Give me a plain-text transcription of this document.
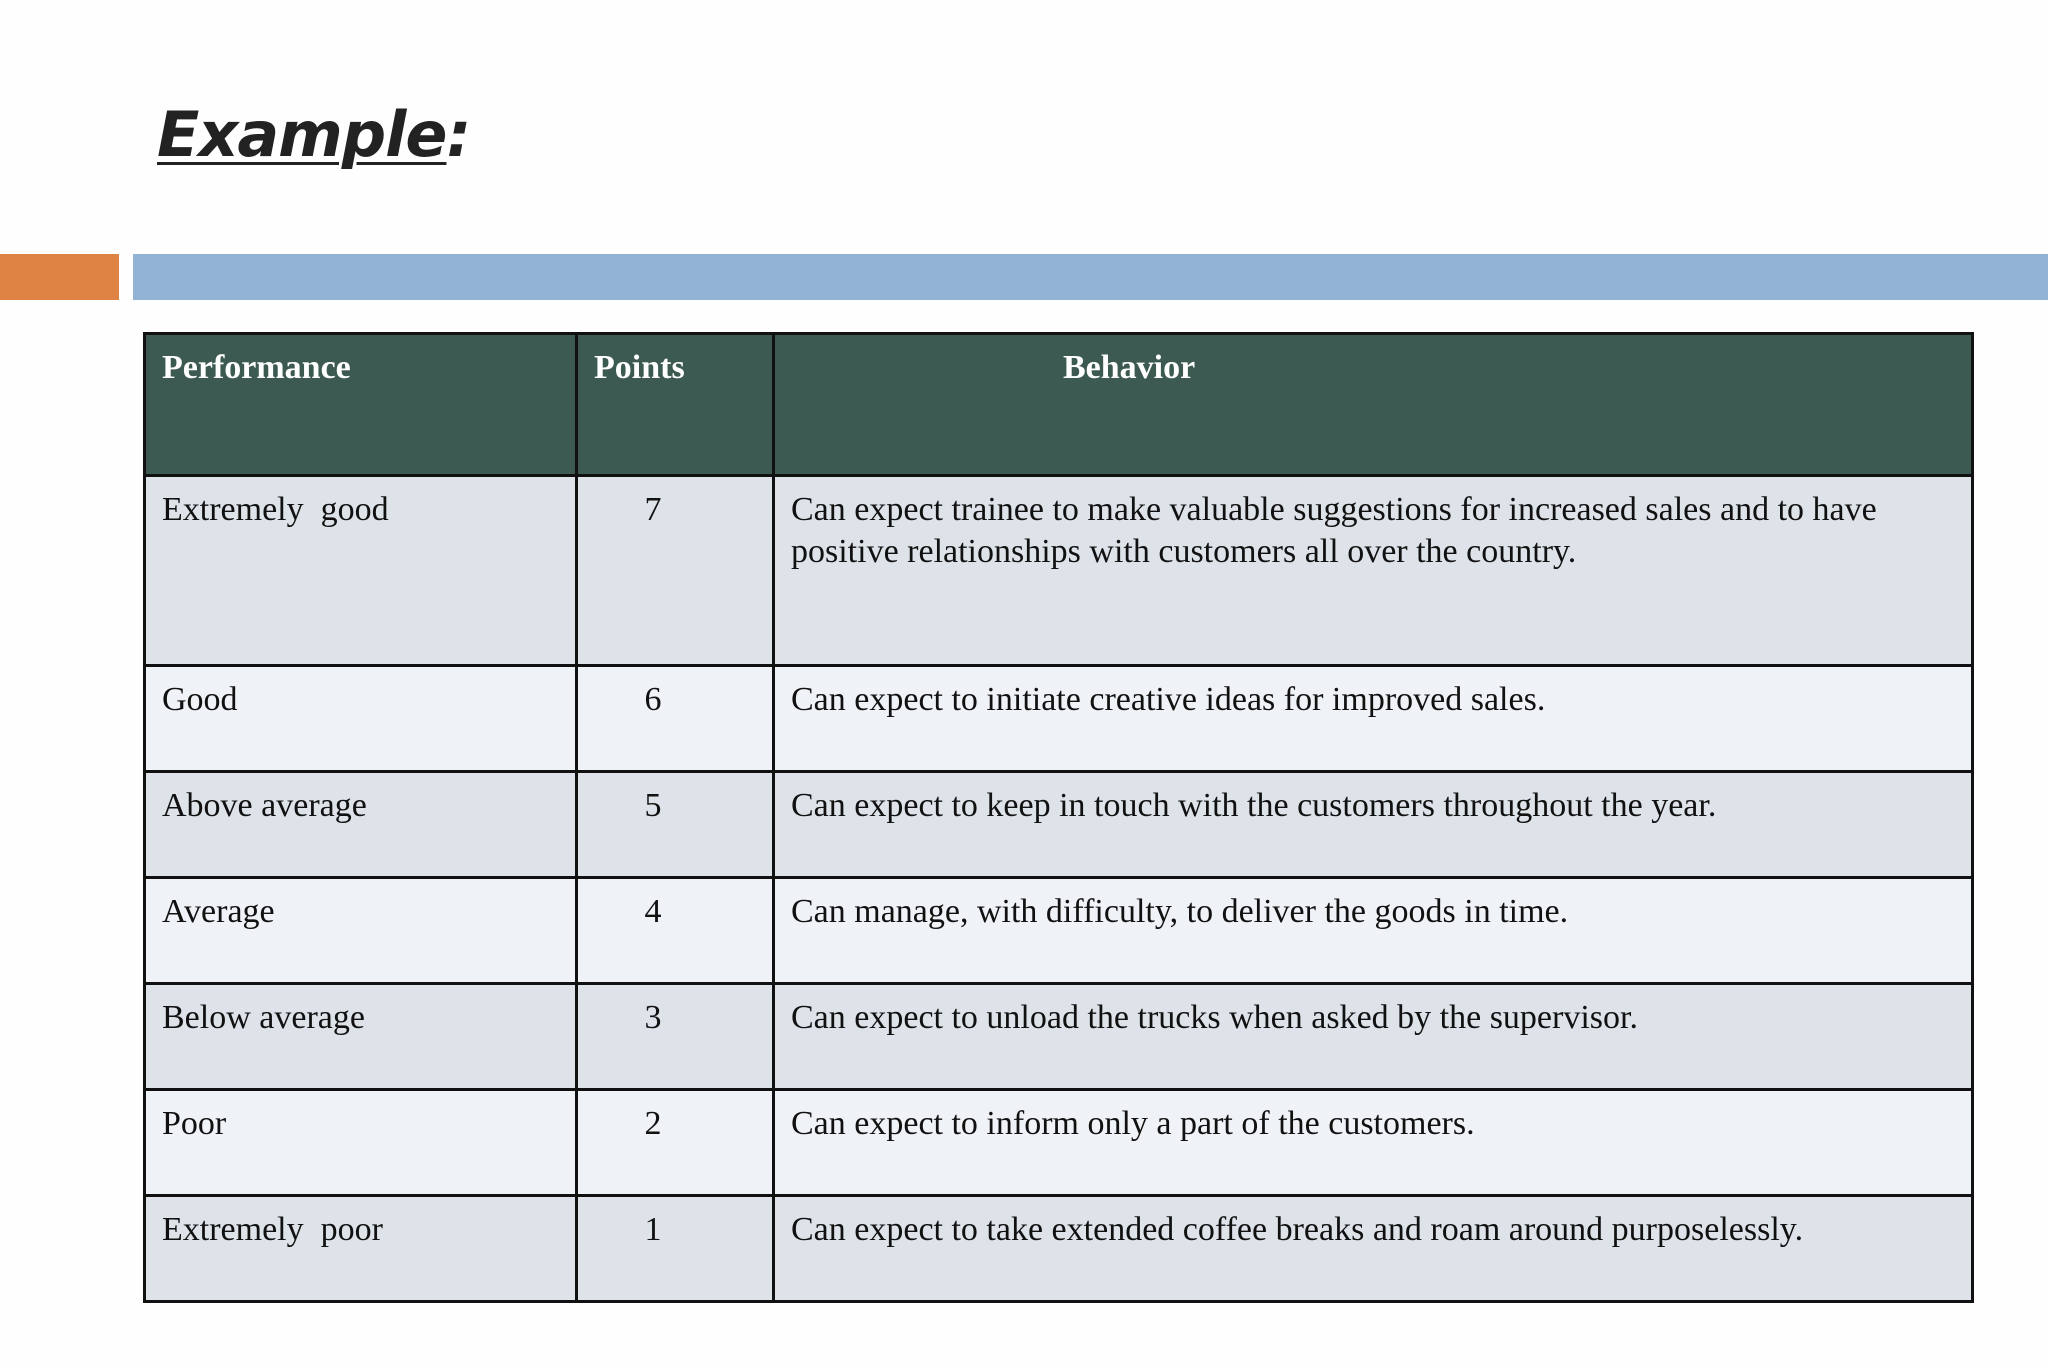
Example:
Performance	Points	Behavior
Extremely  good	7	Can expect trainee to make valuable suggestions for increased sales and to have positive relationships with customers all over the country.
Good	6	Can expect to initiate creative ideas for improved sales.
Above average	5	Can expect to keep in touch with the customers throughout the year.
Average	4	Can manage, with difficulty, to deliver the goods in time.
Below average	3	Can expect to unload the trucks when asked by the supervisor.
Poor	2	Can expect to inform only a part of the customers.
Extremely  poor	1	Can expect to take extended coffee breaks and roam around purposelessly.
